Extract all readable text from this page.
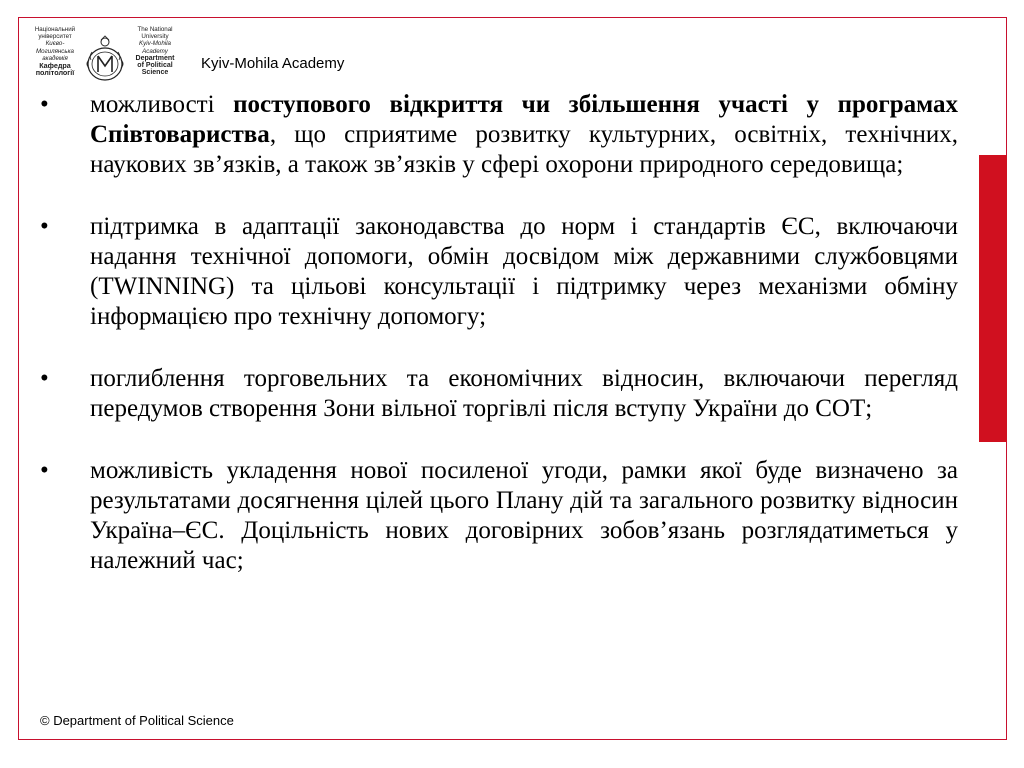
Національний
університет
Києво-
Могилянська
академія
Кафедра
політології
The National
University
Kyiv-Mohila
Academy
Department
of Political
Science
Kyiv-Mohila Academy
•	можливості поступового відкриття чи збільшення участі у програмах Співтовариства, що сприятиме розвитку культурних, освітніх, технічних, наукових зв’язків, а також зв’язків у сфері охорони природного середовища;
•	підтримка в адаптації законодавства до норм і стандартів ЄС, включаючи надання технічної допомоги, обмін досвідом між державними службовцями (TWINNING) та цільові консультації і підтримку через механізми обміну інформацією про технічну допомогу;
•	поглиблення торговельних та економічних відносин, включаючи перегляд передумов створення Зони вільної торгівлі після вступу України до СОТ;
•	можливість укладення нової посиленої угоди, рамки якої буде визначено за результатами досягнення цілей цього Плану дій та загального розвитку відносин Україна–ЄС. Доцільність нових договірних зобов’язань розглядатиметься у належний час;
© Department of Political Science
